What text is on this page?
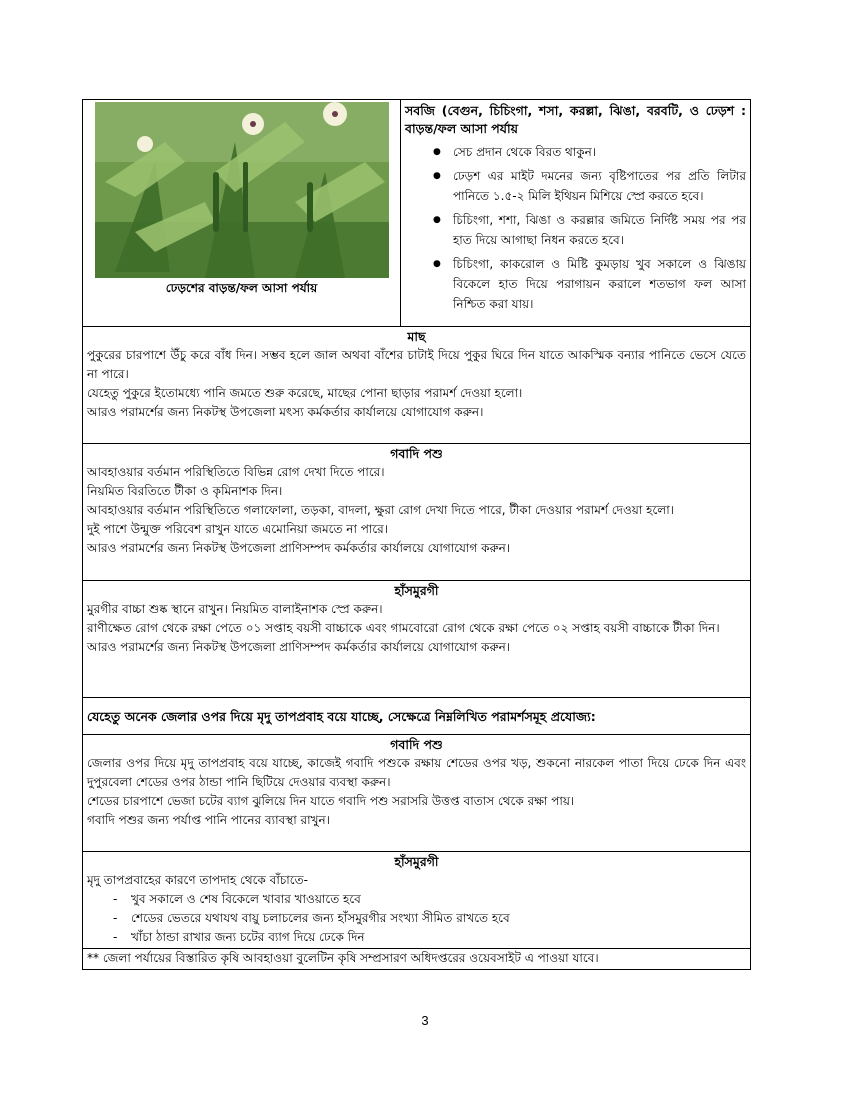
ঢেড়শের বাড়ন্ত/ফল আসা পর্যায়

সবজি (বেগুন, চিচিংগা, শসা, করল্লা, ঝিঙা, বরবটি, ও ঢেড়শ : বাড়ন্ত/ফল আসা পর্যায়
● সেচ প্রদান থেকে বিরত থাকুন।
● ঢেড়শ এর মাইট দমনের জন্য বৃষ্টিপাতের পর প্রতি লিটার পানিতে ১.৫-২ মিলি ইথিয়ন মিশিয়ে স্প্রে করতে হবে।
● চিচিংগা, শশা, ঝিঙা ও করল্লার জমিতে নির্দিষ্ট সময় পর পর হাত দিয়ে আগাছা নিধন করতে হবে।
● চিচিংগা, কাকরোল ও মিষ্টি কুমড়ায় খুব সকালে ও ঝিঙায় বিকেলে হাত দিয়ে পরাগায়ন করালে শতভাগ ফল আসা নিশ্চিত করা যায়।

মাছ
পুকুরের চারপাশে উঁচু করে বাঁধ দিন। সম্ভব হলে জাল অথবা বাঁশের চাটাই দিয়ে পুকুর ঘিরে দিন যাতে আকস্মিক বন্যার পানিতে ভেসে যেতে না পারে।
যেহেতু পুকুরে ইতোমধ্যে পানি জমতে শুরু করেছে, মাছের পোনা ছাড়ার পরামর্শ দেওয়া হলো।
আরও পরামর্শের জন্য নিকটস্থ উপজেলা মৎস্য কর্মকর্তার কার্যালয়ে যোগাযোগ করুন।

গবাদি পশু
আবহাওয়ার বর্তমান পরিস্থিতিতে বিভিন্ন রোগ দেখা দিতে পারে।
নিয়মিত বিরতিতে টীকা ও কৃমিনাশক দিন।
আবহাওয়ার বর্তমান পরিস্থিতিতে গলাফোলা, তড়কা, বাদলা, ক্ষুরা রোগ দেখা দিতে পারে, টীকা দেওয়ার পরামর্শ দেওয়া হলো।
দুই পাশে উন্মুক্ত পরিবেশ রাখুন যাতে এমোনিয়া জমতে না পারে।
আরও পরামর্শের জন্য নিকটস্থ উপজেলা প্রাণিসম্পদ কর্মকর্তার কার্যালয়ে যোগাযোগ করুন।

হাঁসমুরগী
মুরগীর বাচ্চা শুষ্ক স্থানে রাখুন। নিয়মিত বালাইনাশক স্প্রে করুন।
রাণীক্ষেত রোগ থেকে রক্ষা পেতে ০১ সপ্তাহ বয়সী বাচ্চাকে এবং গামবোরো রোগ থেকে রক্ষা পেতে ০২ সপ্তাহ বয়সী বাচ্চাকে টীকা দিন।
আরও পরামর্শের জন্য নিকটস্থ উপজেলা প্রাণিসম্পদ কর্মকর্তার কার্যালয়ে যোগাযোগ করুন।

যেহেতু অনেক জেলার ওপর দিয়ে মৃদু তাপপ্রবাহ বয়ে যাচ্ছে, সেক্ষেত্রে নিম্নলিখিত পরামর্শসমূহ প্রযোজ্য:

গবাদি পশু
জেলার ওপর দিয়ে মৃদু তাপপ্রবাহ বয়ে যাচ্ছে, কাজেই গবাদি পশুকে রক্ষায় শেডের ওপর খড়, শুকনো নারকেল পাতা দিয়ে ঢেকে দিন এবং দুপুরবেলা শেডের ওপর ঠান্ডা পানি ছিটিয়ে দেওয়ার ব্যবস্থা করুন।
শেডের চারপাশে ভেজা চটের ব্যাগ ঝুলিয়ে দিন যাতে গবাদি পশু সরাসরি উত্তপ্ত বাতাস থেকে রক্ষা পায়।
গবাদি পশুর জন্য পর্যাপ্ত পানি পানের ব্যাবস্থা রাখুন।

হাঁসমুরগী
মৃদু তাপপ্রবাহের কারণে তাপদাহ থেকে বাঁচাতে-
- খুব সকালে ও শেষ বিকেলে খাবার খাওয়াতে হবে
- শেডের ভেতরে যথাযথ বায়ু চলাচলের জন্য হাঁসমুরগীর সংখ্যা সীমিত রাখতে হবে
- খাঁচা ঠান্ডা রাখার জন্য চটের ব্যাগ দিয়ে ঢেকে দিন

** জেলা পর্যায়ের বিস্তারিত কৃষি আবহাওয়া বুলেটিন কৃষি সম্প্রসারণ অধিদপ্তরের ওয়েবসাইট এ পাওয়া যাবে।
3
